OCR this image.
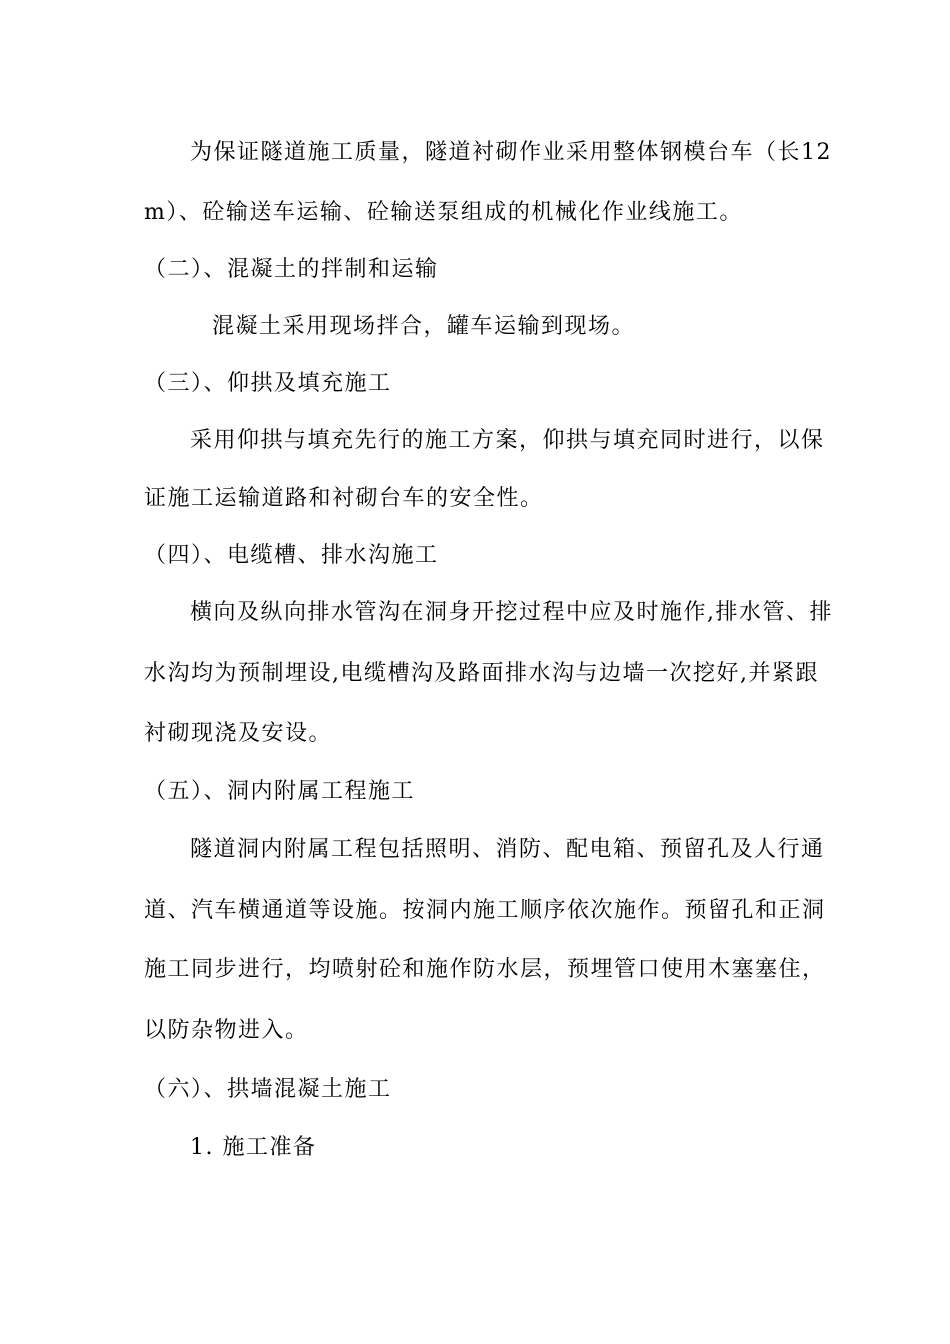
为保证隧道施工质量，隧道衬砌作业采用整体钢模台车（长12
m）、砼输送车运输、砼输送泵组成的机械化作业线施工。
（二）、混凝土的拌制和运输
混凝土采用现场拌合，罐车运输到现场。
（三）、仰拱及填充施工
采用仰拱与填充先行的施工方案，仰拱与填充同时进行，以保
证施工运输道路和衬砌台车的安全性。
（四）、电缆槽、排水沟施工
横向及纵向排水管沟在洞身开挖过程中应及时施作,排水管、排
水沟均为预制埋设,电缆槽沟及路面排水沟与边墙一次挖好,并紧跟
衬砌现浇及安设。
（五）、洞内附属工程施工
隧道洞内附属工程包括照明、消防、配电箱、预留孔及人行通
道、汽车横通道等设施。按洞内施工顺序依次施作。预留孔和正洞
施工同步进行，均喷射砼和施作防水层，预埋管口使用木塞塞住，
以防杂物进入。
（六）、拱墙混凝土施工
1. 施工准备
